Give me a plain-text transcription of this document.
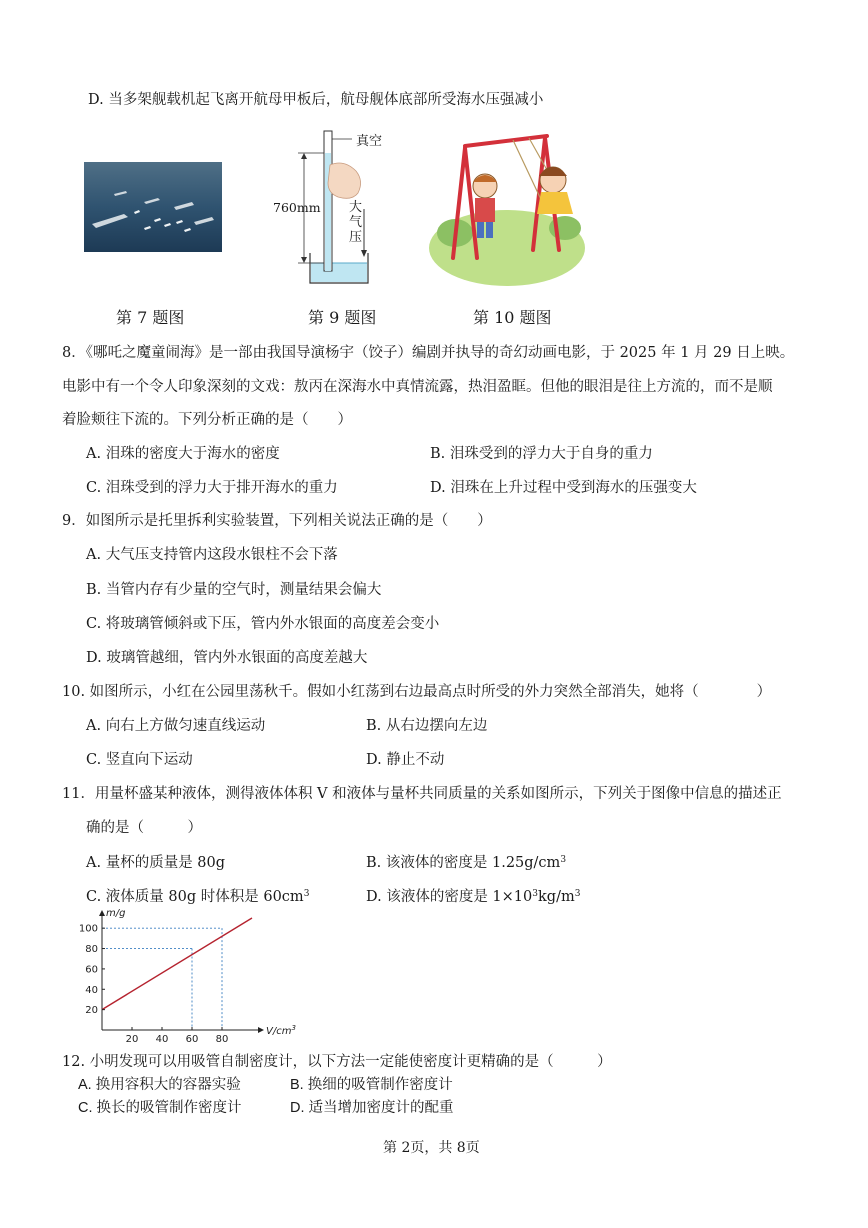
D. 当多架舰载机起飞离开航母甲板后，航母舰体底部所受海水压强减小
第 7 题图
真空
760mm 大
气
压
第 9 题图	第 10 题图
8．《哪吒之魔童闹海》是一部由我国导演杨宇（饺子）编剧并执导的奇幻动画电影，于 2025 年 1 月 29 日上映。
电影中有一个令人印象深刻的文戏：敖丙在深海水中真情流露，热泪盈眶。但他的眼泪是往上方流的，而不是顺
着脸颊往下流的。下列分析正确的是（　　）
A. 泪珠的密度大于海水的密度	B. 泪珠受到的浮力大于自身的重力
C. 泪珠受到的浮力大于排开海水的重力	D. 泪珠在上升过程中受到海水的压强变大
9．如图所示是托里拆利实验装置，下列相关说法正确的是（　　）
A. 大气压支持管内这段水银柱不会下落
B. 当管内存有少量的空气时，测量结果会偏大
C. 将玻璃管倾斜或下压，管内外水银面的高度差会变小
D. 玻璃管越细，管内外水银面的高度差越大
10. 如图所示，小红在公园里荡秋千。假如小红荡到右边最高点时所受的外力突然全部消失，她将（　　　　）
A. 向右上方做匀速直线运动	B. 从右边摆向左边
C. 竖直向下运动	D. 静止不动
11．用量杯盛某种液体，测得液体体积 V 和液体与量杯共同质量的关系如图所示，下列关于图像中信息的描述正
确的是（　　　）
A. 量杯的质量是 80g	B. 该液体的密度是 $1.25g/cm^3$
C. 液体质量 80g 时体积是 $60cm^3$	D. 该液体的密度是 $1\times 10^3kg/m^3$
20 40 60 80
20
40
60
80
100
m/g
$V/cm^3$
12. 小明发现可以用吸管自制密度计，以下方法一定能使密度计更精确的是（　　　）
A. 换用容积大的容器实验	B. 换细的吸管制作密度计
C. 换长的吸管制作密度计	D. 适当增加密度计的配重
第 2页，共 8页
